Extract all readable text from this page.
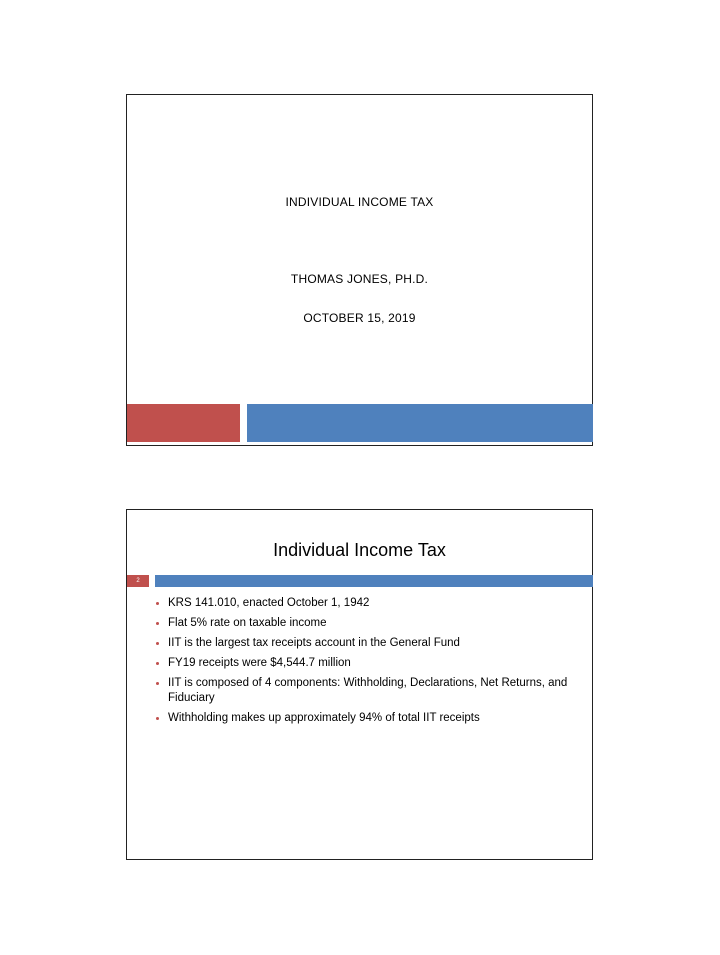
INDIVIDUAL INCOME TAX
THOMAS JONES, PH.D.
OCTOBER 15, 2019
Individual Income Tax
2
KRS 141.010, enacted October 1, 1942
Flat 5% rate on taxable income
IIT is the largest tax receipts account in the General Fund
FY19 receipts were $4,544.7 million
IIT is composed of 4 components: Withholding, Declarations, Net Returns, and Fiduciary
Withholding makes up approximately 94% of total IIT receipts
